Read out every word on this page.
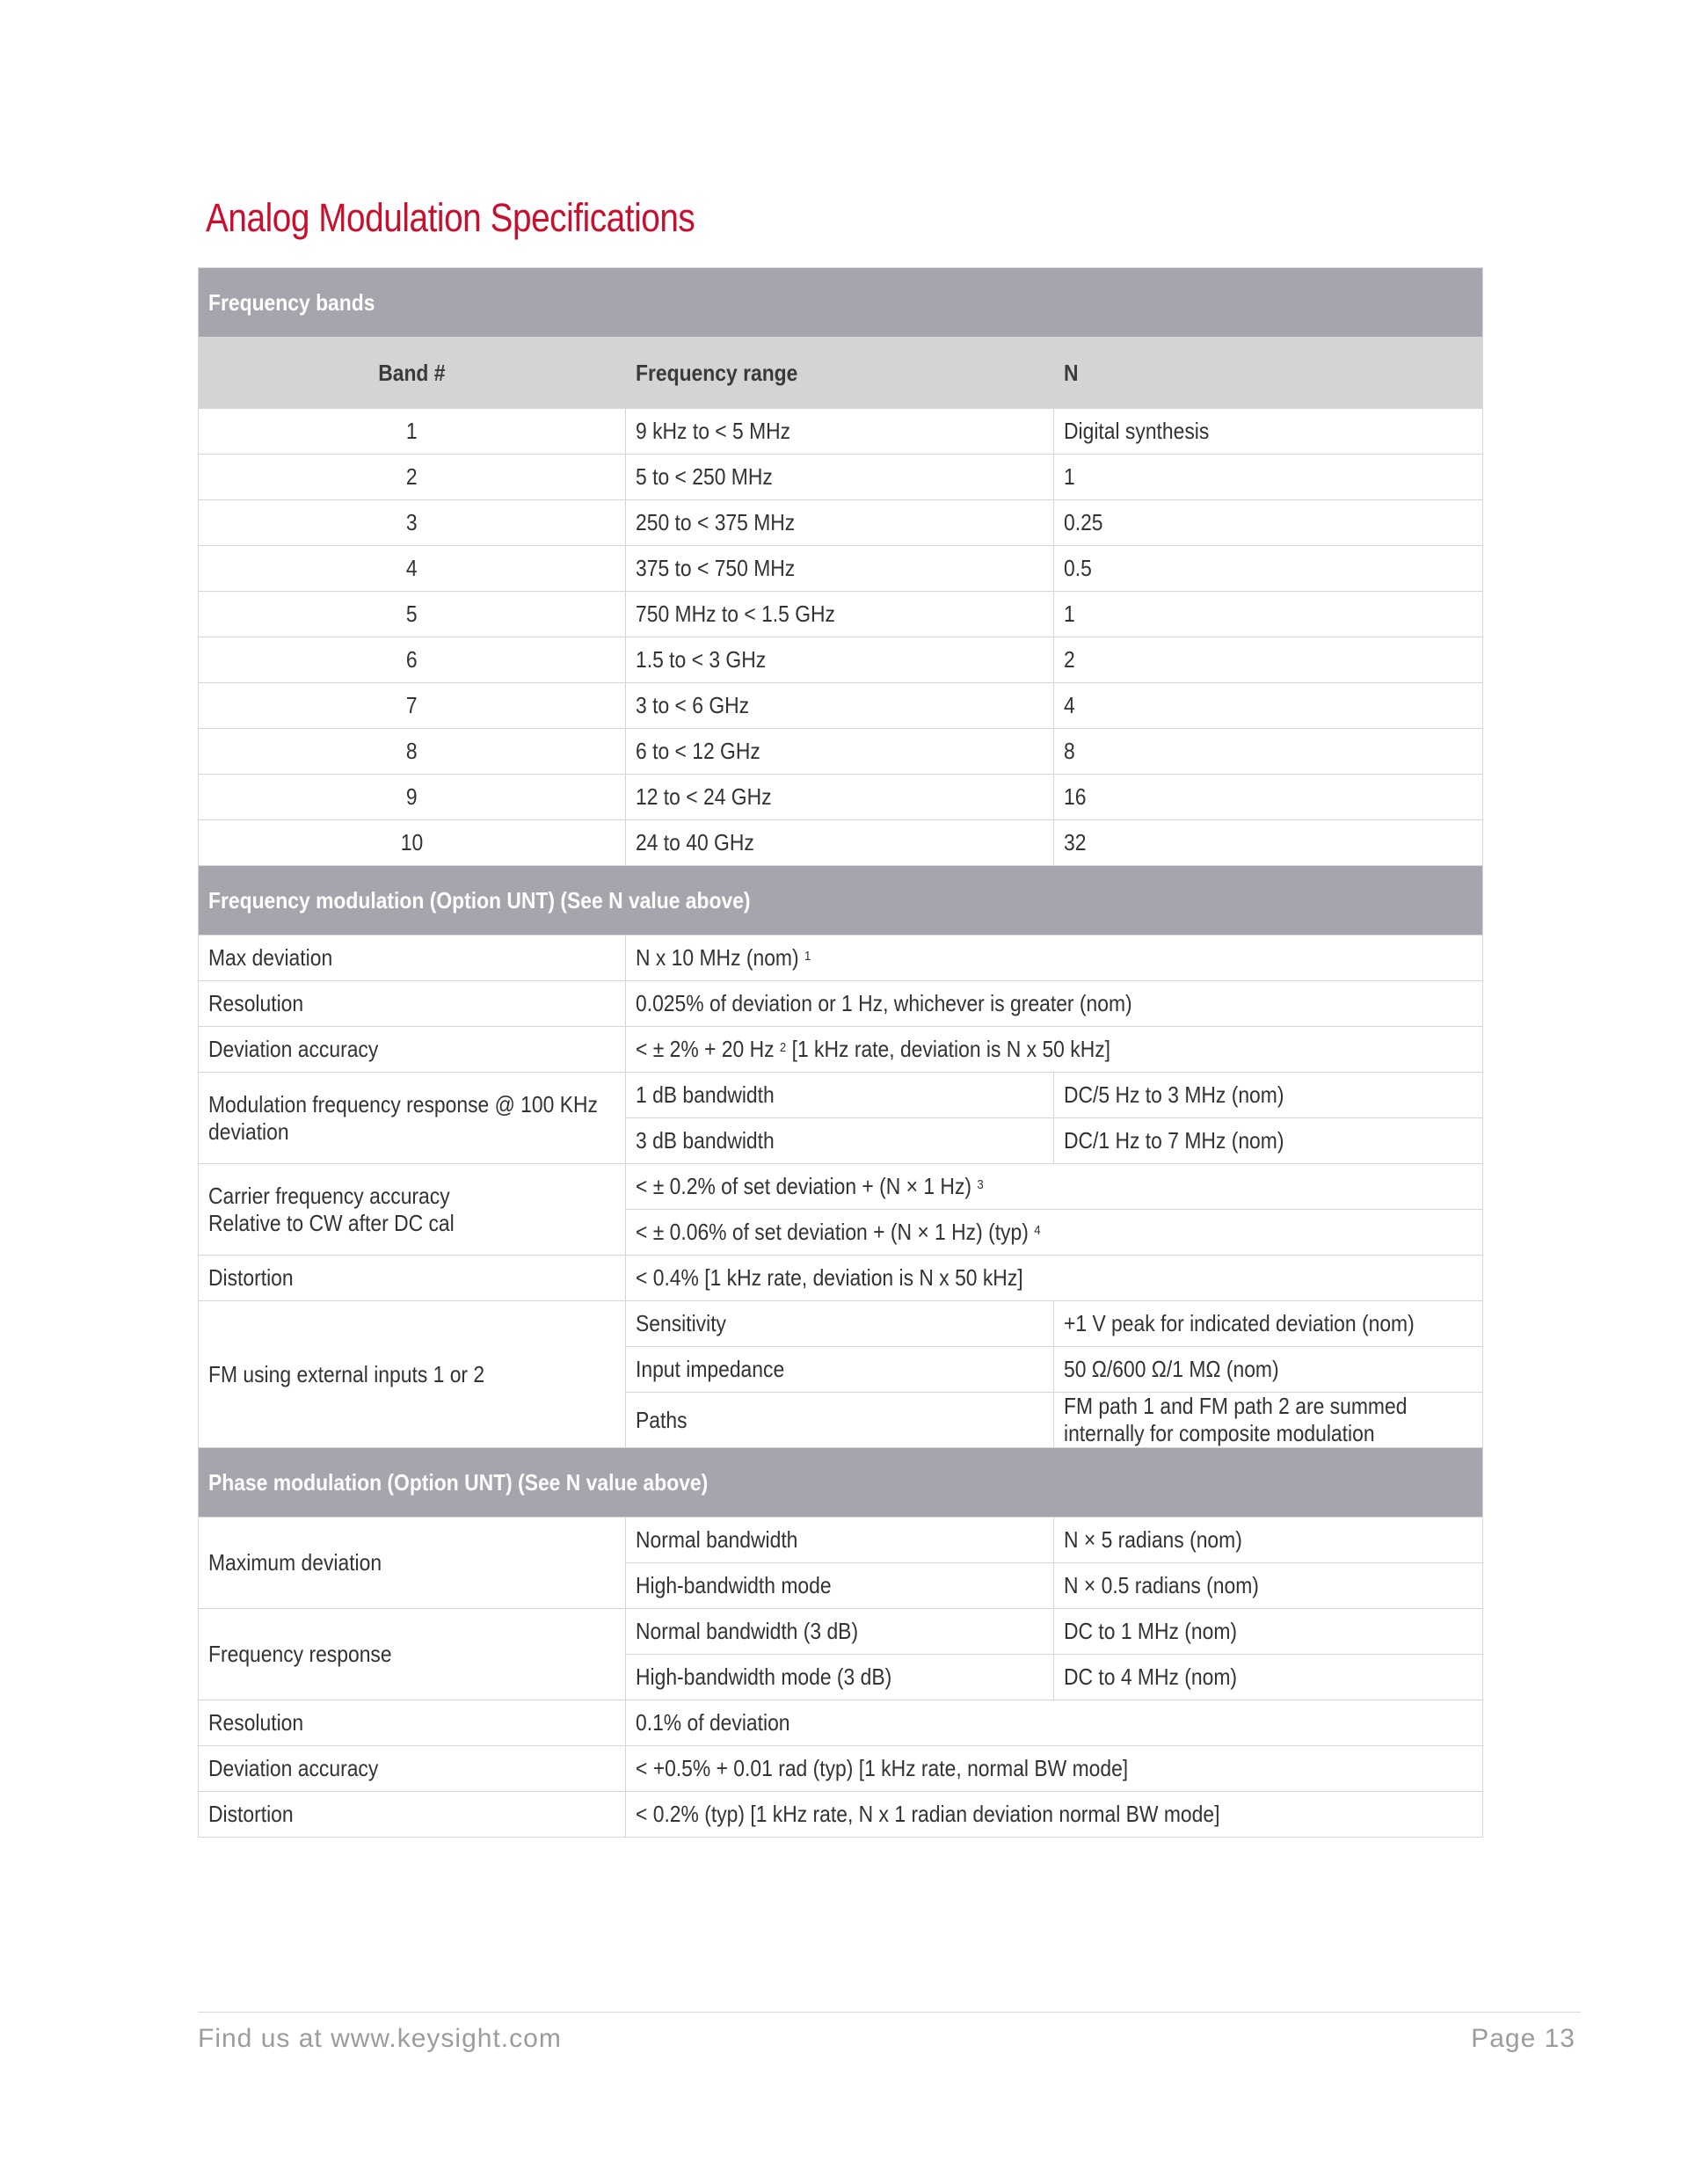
Analog Modulation Specifications
Frequency bands		
Band #	Frequency range	N
1	9 kHz to < 5 MHz	Digital synthesis
2	5 to < 250 MHz	1
3	250 to < 375 MHz	0.25
4	375 to < 750 MHz	0.5
5	750 MHz to < 1.5 GHz	1
6	1.5 to < 3 GHz	2
7	3 to < 6 GHz	4
8	6 to < 12 GHz	8
9	12 to < 24 GHz	16
10	24 to 40 GHz	32
Frequency modulation (Option UNT) (See N value above)		
Max deviation	N x 10 MHz (nom) $^1$
Resolution	0.025% of deviation or 1 Hz, whichever is greater (nom)	
Deviation accuracy	< ± 2% + 20 Hz $^2$ [1 kHz rate, deviation is N x 50 kHz]	
Modulation frequency response @ 100 KHz
deviation	1 dB bandwidth	DC/5 Hz to 3 MHz (nom)
	3 dB bandwidth	DC/1 Hz to 7 MHz (nom)
Carrier frequency accuracy
Relative to CW after DC cal	< ± 0.2% of set deviation + (N × 1 Hz) $^3$
	< ± 0.06% of set deviation + (N × 1 Hz) (typ) $^4$
Distortion	< 0.4% [1 kHz rate, deviation is N x 50 kHz]	
FM using external inputs 1 or 2	Sensitivity	+1 V peak for indicated deviation (nom)
	Input impedance	50 Ω/600 Ω/1 MΩ (nom)
	Paths	FM path 1 and FM path 2 are summed
internally for composite modulation
Phase modulation (Option UNT) (See N value above)		
Maximum deviation	Normal bandwidth	N × 5 radians (nom)
	High-bandwidth mode	N × 0.5 radians (nom)
Frequency response	Normal bandwidth (3 dB)	DC to 1 MHz (nom)
	High-bandwidth mode (3 dB)	DC to 4 MHz (nom)
Resolution	0.1% of deviation	
Deviation accuracy	< +0.5% + 0.01 rad (typ) [1 kHz rate, normal BW mode]	
Distortion	< 0.2% (typ) [1 kHz rate, N x 1 radian deviation normal BW mode]	
Find us at www.keysight.com	Page 13
